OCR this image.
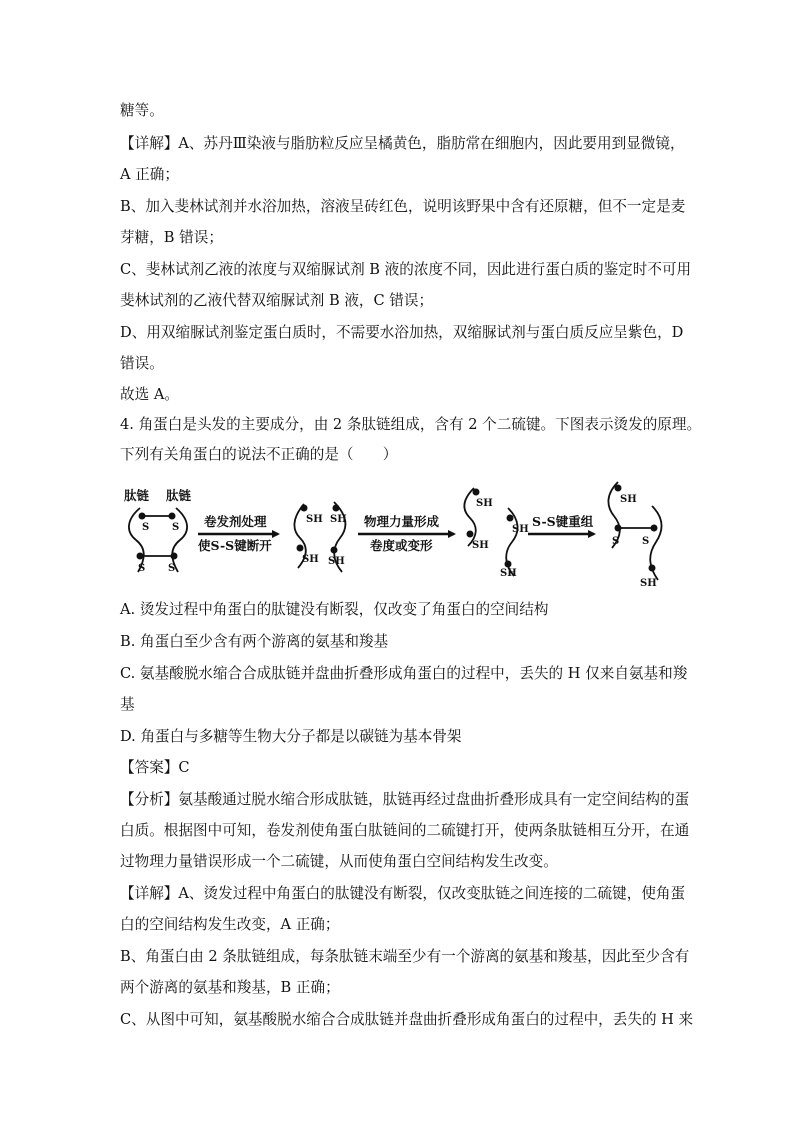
糖等。
【详解】A、苏丹Ⅲ染液与脂肪粒反应呈橘黄色，脂肪常在细胞内，因此要用到显微镜，
A 正确；
B、加入斐林试剂并水浴加热，溶液呈砖红色，说明该野果中含有还原糖，但不一定是麦
芽糖，B 错误；
C、斐林试剂乙液的浓度与双缩脲试剂 B 液的浓度不同，因此进行蛋白质的鉴定时不可用
斐林试剂的乙液代替双缩脲试剂 B 液，C 错误；
D、用双缩脲试剂鉴定蛋白质时，不需要水浴加热，双缩脲试剂与蛋白质反应呈紫色，D
错误。
故选 A。
4. 角蛋白是头发的主要成分，由 2 条肽链组成，含有 2 个二硫键。下图表示烫发的原理。
下列有关角蛋白的说法不正确的是（　　）
肽链 肽链
S S
S S
卷发剂处理
使S-S键断开
SH
SH
SH
SH
物理力量形成
卷度或变形
SH
SH
SH
SH
S-S键重组
SH
S S
SH
A. 烫发过程中角蛋白的肽键没有断裂，仅改变了角蛋白的空间结构
B. 角蛋白至少含有两个游离的氨基和羧基
C. 氨基酸脱水缩合合成肽链并盘曲折叠形成角蛋白的过程中，丢失的 H 仅来自氨基和羧
基
D. 角蛋白与多糖等生物大分子都是以碳链为基本骨架
【答案】C
【分析】氨基酸通过脱水缩合形成肽链，肽链再经过盘曲折叠形成具有一定空间结构的蛋
白质。根据图中可知，卷发剂使角蛋白肽链间的二硫键打开，使两条肽链相互分开，在通
过物理力量错误形成一个二硫键，从而使角蛋白空间结构发生改变。
【详解】A、烫发过程中角蛋白的肽键没有断裂，仅改变肽链之间连接的二硫键，使角蛋
白的空间结构发生改变，A 正确；
B、角蛋白由 2 条肽链组成，每条肽链末端至少有一个游离的氨基和羧基，因此至少含有
两个游离的氨基和羧基，B 正确；
C、从图中可知，氨基酸脱水缩合合成肽链并盘曲折叠形成角蛋白的过程中，丢失的 H 来
